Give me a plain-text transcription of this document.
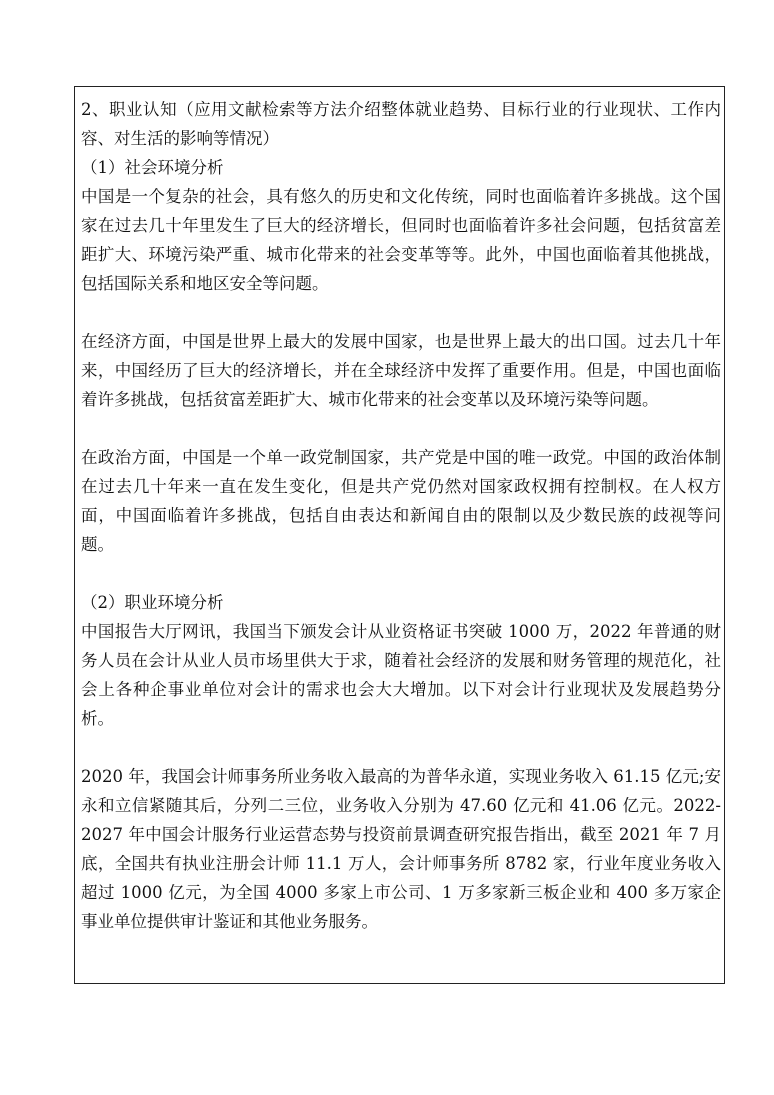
2、职业认知（应用文献检索等方法介绍整体就业趋势、目标行业的行业现状、工作内容、对生活的影响等情况）

（1）社会环境分析

中国是一个复杂的社会，具有悠久的历史和文化传统，同时也面临着许多挑战。这个国家在过去几十年里发生了巨大的经济增长，但同时也面临着许多社会问题，包括贫富差距扩大、环境污染严重、城市化带来的社会变革等等。此外，中国也面临着其他挑战，包括国际关系和地区安全等问题。

在经济方面，中国是世界上最大的发展中国家，也是世界上最大的出口国。过去几十年来，中国经历了巨大的经济增长，并在全球经济中发挥了重要作用。但是，中国也面临着许多挑战，包括贫富差距扩大、城市化带来的社会变革以及环境污染等问题。

在政治方面，中国是一个单一政党制国家，共产党是中国的唯一政党。中国的政治体制在过去几十年来一直在发生变化，但是共产党仍然对国家政权拥有控制权。在人权方面，中国面临着许多挑战，包括自由表达和新闻自由的限制以及少数民族的歧视等问题。

（2）职业环境分析

中国报告大厅网讯，我国当下颁发会计从业资格证书突破 1000 万，2022 年普通的财务人员在会计从业人员市场里供大于求，随着社会经济的发展和财务管理的规范化，社会上各种企事业单位对会计的需求也会大大增加。以下对会计行业现状及发展趋势分析。

2020 年，我国会计师事务所业务收入最高的为普华永道，实现业务收入 61.15 亿元;安永和立信紧随其后，分列二三位，业务收入分别为 47.60 亿元和 41.06 亿元。2022-2027 年中国会计服务行业运营态势与投资前景调查研究报告指出，截至 2021 年 7 月底，全国共有执业注册会计师 11.1 万人，会计师事务所 8782 家，行业年度业务收入超过 1000 亿元，为全国 4000 多家上市公司、1 万多家新三板企业和 400 多万家企事业单位提供审计鉴证和其他业务服务。
